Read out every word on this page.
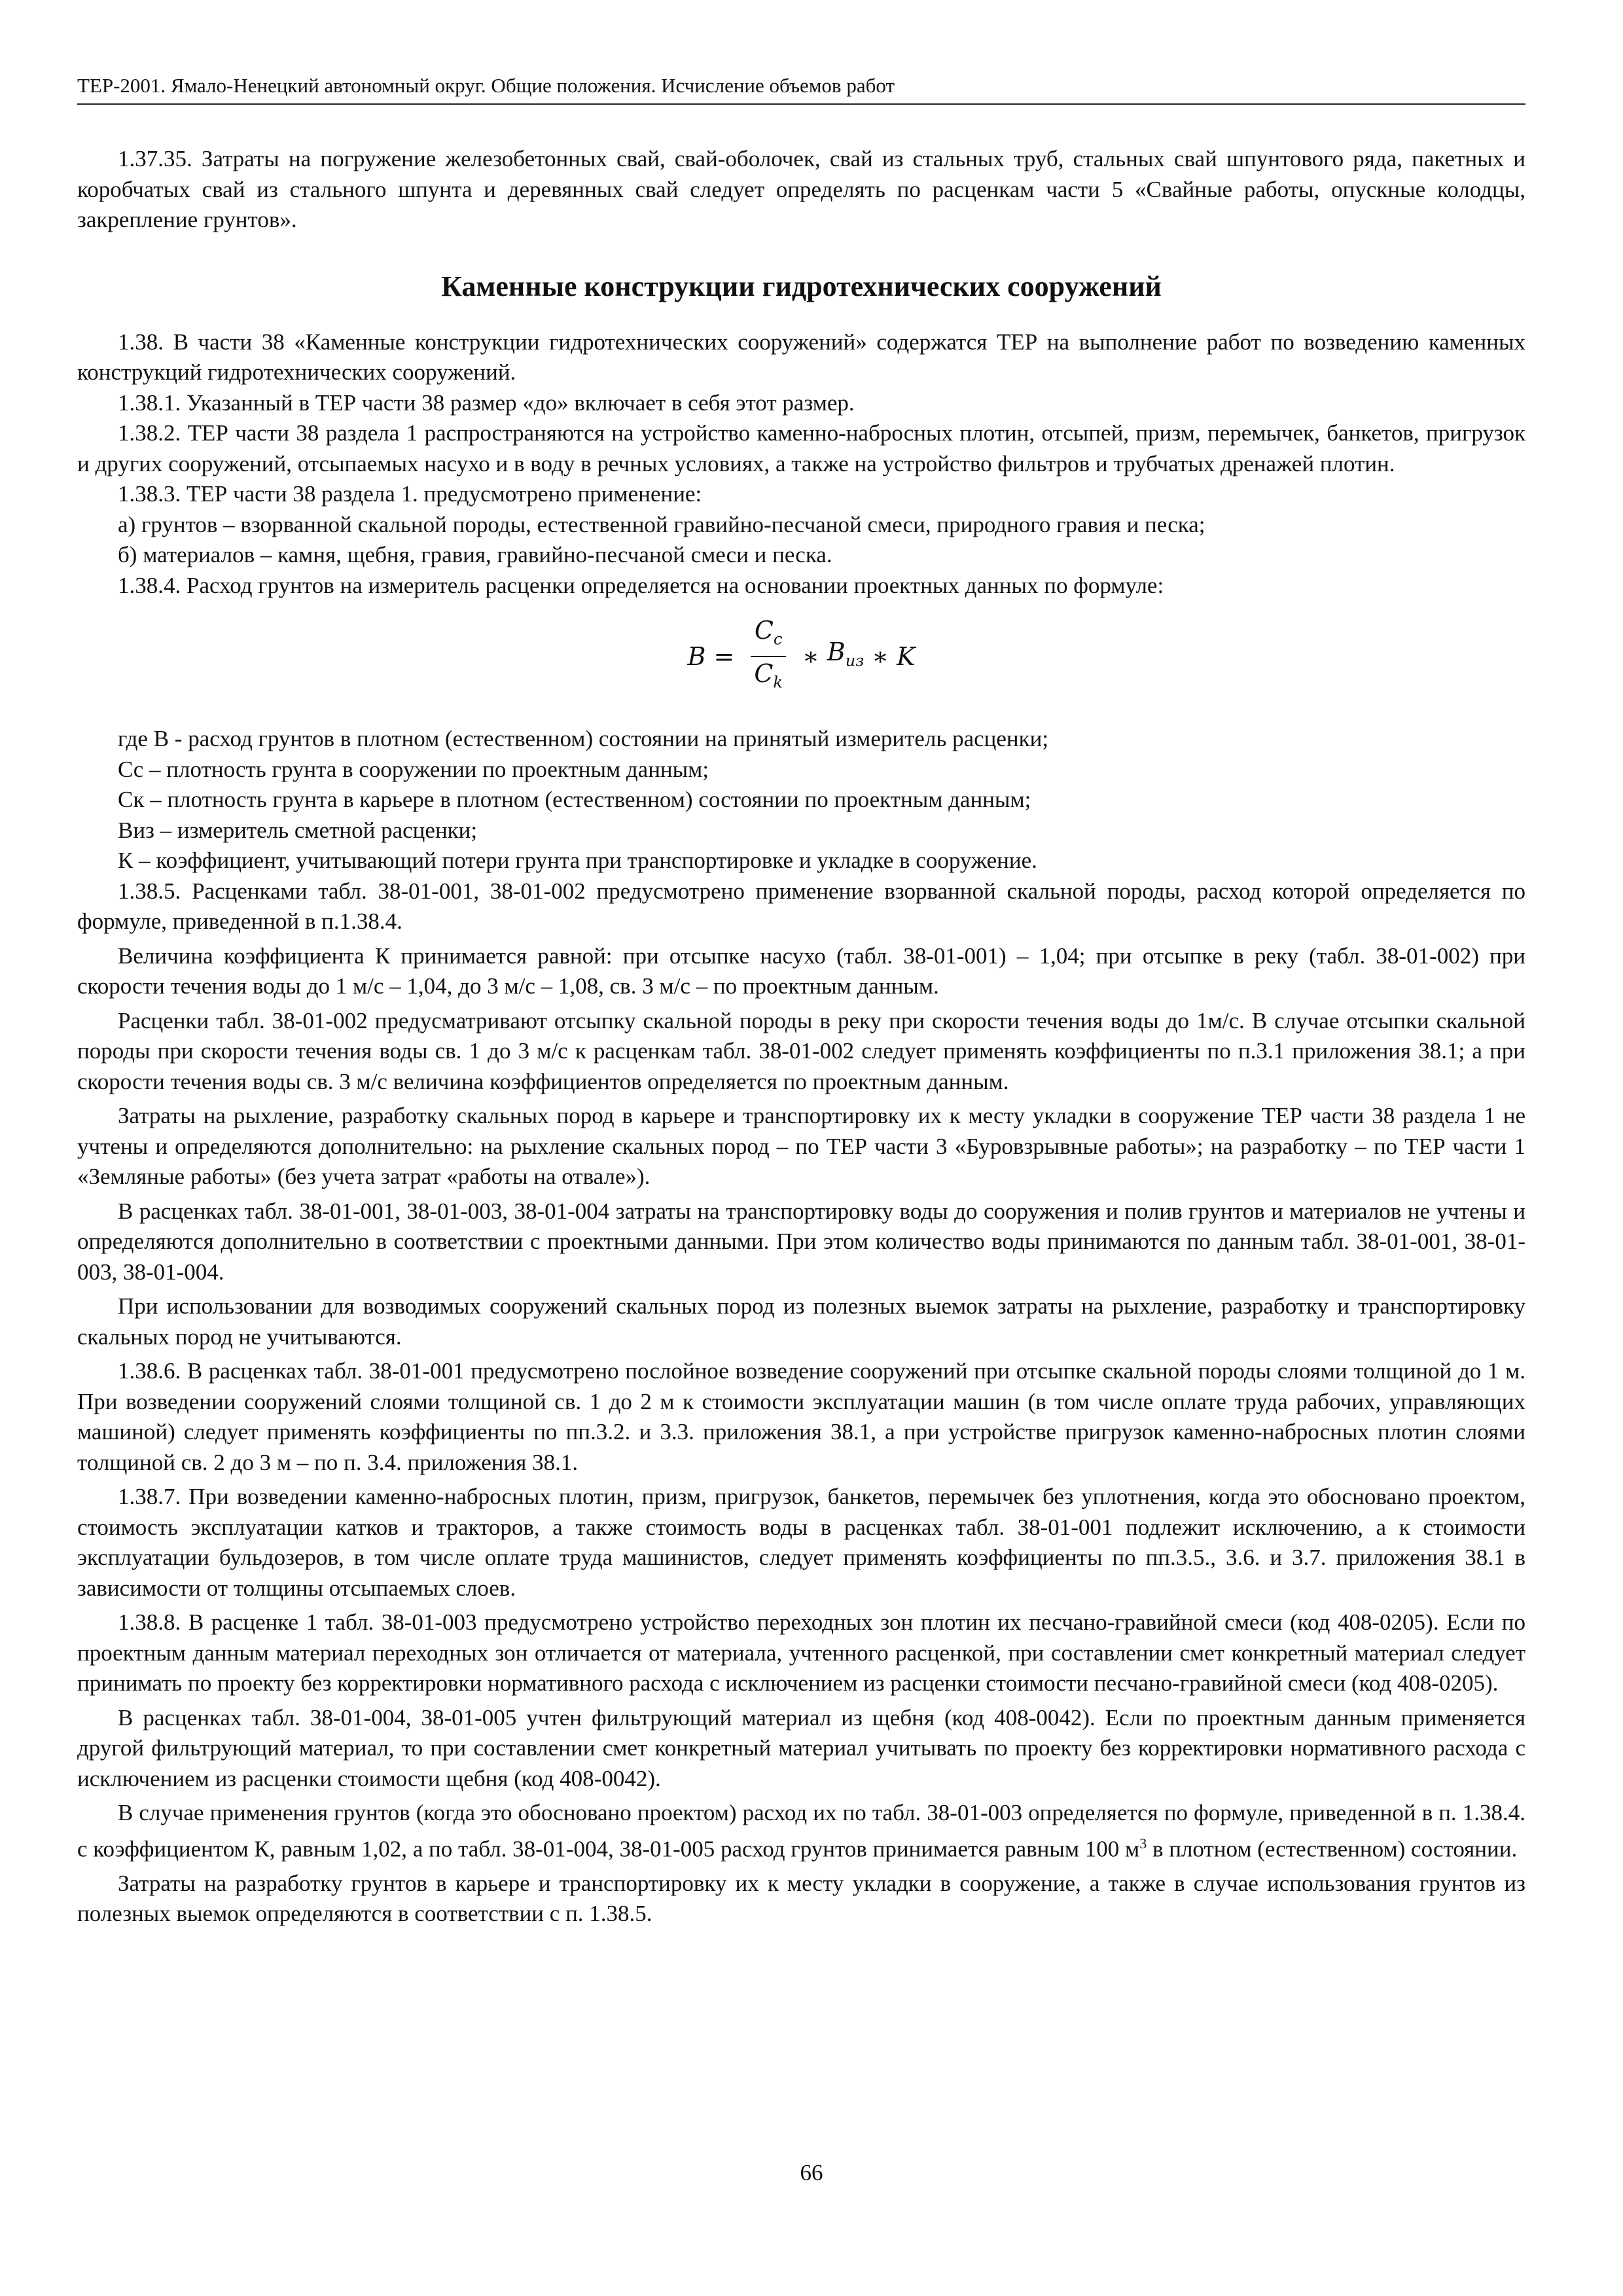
ТЕР-2001. Ямало-Ненецкий автономный округ. Общие положения. Исчисление объемов работ

1.37.35. Затраты на погружение железобетонных свай, свай-оболочек, свай из стальных труб, стальных свай шпунтового ряда, пакетных и коробчатых свай из стального шпунта и деревянных свай следует определять по расценкам части 5 «Свайные работы, опускные колодцы, закрепление грунтов».

Каменные конструкции гидротехнических сооружений

1.38. В части 38 «Каменные конструкции гидротехнических сооружений» содержатся ТЕР на выполнение работ по возведению каменных конструкций гидротехнических сооружений.

1.38.1. Указанный в ТЕР части 38 размер «до» включает в себя этот размер.

1.38.2. ТЕР части 38 раздела 1 распространяются на устройство каменно-набросных плотин, отсыпей, призм, перемычек, банкетов, пригрузок и других сооружений, отсыпаемых насухо и в воду в речных условиях, а также на устройство фильтров и трубчатых дренажей плотин.

1.38.3. ТЕР части 38 раздела 1. предусмотрено применение:

а) грунтов – взорванной скальной породы, естественной гравийно-песчаной смеси, природного гравия и песка;

б) материалов – камня, щебня, гравия, гравийно-песчаной смеси и песка.

1.38.4. Расход грунтов на измеритель расценки определяется на основании проектных данных по формуле:

$B = \frac{C_c}{C_k}$ ∗ $B_{из}$ ∗ K

где В - расход грунтов в плотном (естественном) состоянии на принятый измеритель расценки;

Сс – плотность грунта в сооружении по проектным данным;

Ск – плотность грунта в карьере в плотном (естественном) состоянии по проектным данным;

Виз – измеритель сметной расценки;

К – коэффициент, учитывающий потери грунта при транспортировке и укладке в сооружение.

1.38.5. Расценками табл. 38-01-001, 38-01-002 предусмотрено применение взорванной скальной породы, расход которой определяется по формуле, приведенной в п.1.38.4.

Величина коэффициента К принимается равной: при отсыпке насухо (табл. 38-01-001) – 1,04; при отсыпке в реку (табл. 38-01-002) при скорости течения воды до 1 м/с – 1,04, до 3 м/с – 1,08, св. 3 м/с – по проектным данным.

Расценки табл. 38-01-002 предусматривают отсыпку скальной породы в реку при скорости течения воды до 1м/с. В случае отсыпки скальной породы при скорости течения воды св. 1 до 3 м/с к расценкам табл. 38-01-002 следует применять коэффициенты по п.3.1 приложения 38.1; а при скорости течения воды св. 3 м/с величина коэффициентов определяется по проектным данным.

Затраты на рыхление, разработку скальных пород в карьере и транспортировку их к месту укладки в сооружение ТЕР части 38 раздела 1 не учтены и определяются дополнительно: на рыхление скальных пород – по ТЕР части 3 «Буровзрывные работы»; на разработку – по ТЕР части 1 «Земляные работы» (без учета затрат «работы на отвале»).

В расценках табл. 38-01-001, 38-01-003, 38-01-004 затраты на транспортировку воды до сооружения и полив грунтов и материалов не учтены и определяются дополнительно в соответствии с проектными данными. При этом количество воды принимаются по данным табл. 38-01-001, 38-01-003, 38-01-004.

При использовании для возводимых сооружений скальных пород из полезных выемок затраты на рыхление, разработку и транспортировку скальных пород не учитываются.

1.38.6. В расценках табл. 38-01-001 предусмотрено послойное возведение сооружений при отсыпке скальной породы слоями толщиной до 1 м. При возведении сооружений слоями толщиной св. 1 до 2 м к стоимости эксплуатации машин (в том числе оплате труда рабочих, управляющих машиной) следует применять коэффициенты по пп.3.2. и 3.3. приложения 38.1, а при устройстве пригрузок каменно-набросных плотин слоями толщиной св. 2 до 3 м – по п. 3.4. приложения 38.1.

1.38.7. При возведении каменно-набросных плотин, призм, пригрузок, банкетов, перемычек без уплотнения, когда это обосновано проектом, стоимость эксплуатации катков и тракторов, а также стоимость воды в расценках табл. 38-01-001 подлежит исключению, а к стоимости эксплуатации бульдозеров, в том числе оплате труда машинистов, следует применять коэффициенты по пп.3.5., 3.6. и 3.7. приложения 38.1 в зависимости от толщины отсыпаемых слоев.

1.38.8. В расценке 1 табл. 38-01-003 предусмотрено устройство переходных зон плотин их песчано-гравийной смеси (код 408-0205). Если по проектным данным материал переходных зон отличается от материала, учтенного расценкой, при составлении смет конкретный материал следует принимать по проекту без корректировки нормативного расхода с исключением из расценки стоимости песчано-гравийной смеси (код 408-0205).

В расценках табл. 38-01-004, 38-01-005 учтен фильтрующий материал из щебня (код 408-0042). Если по проектным данным применяется другой фильтрующий материал, то при составлении смет конкретный материал учитывать по проекту без корректировки нормативного расхода с исключением из расценки стоимости щебня (код 408-0042).

В случае применения грунтов (когда это обосновано проектом) расход их по табл. 38-01-003 определяется по формуле, приведенной в п. 1.38.4. с коэффициентом К, равным 1,02, а по табл. 38-01-004, 38-01-005 расход грунтов принимается равным 100 $м^3$ в плотном (естественном) состоянии.

Затраты на разработку грунтов в карьере и транспортировку их к месту укладки в сооружение, а также в случае использования грунтов из полезных выемок определяются в соответствии с п. 1.38.5.

66
